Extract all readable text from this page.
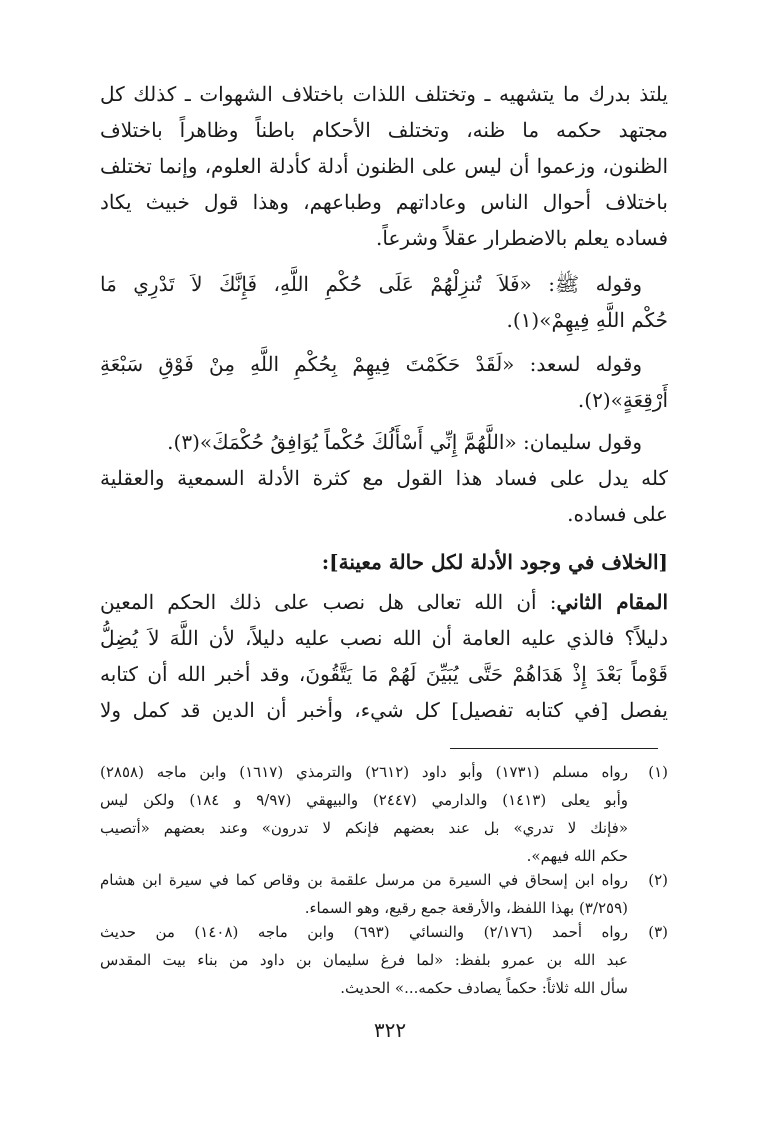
يلتذ بدرك ما يتشهيه ـ وتختلف اللذات باختلاف الشهوات ـ كذلك كل
مجتهد حكمه ما ظنه، وتختلف الأحكام باطناً وظاهراً باختلاف
الظنون، وزعموا أن ليس على الظنون أدلة كأدلة العلوم، وإنما تختلف
باختلاف أحوال الناس وعاداتهم وطباعهم، وهذا قول خبيث يكاد
فساده يعلم بالاضطرار عقلاً وشرعاً.
وقوله ﷺ: «فَلاَ تُنزِلْهُمْ عَلَى حُكْمِ اللَّهِ، فَإِنَّكَ لاَ تَدْرِي مَا
حُكْم اللَّهِ فِيهِمْ»(١).
وقوله لسعد: «لَقَدْ حَكَمْتَ فِيهِمْ بِحُكْمِ اللَّهِ مِنْ فَوْقِ سَبْعَةِ
أَرْقِعَةٍ»(٢).
وقول سليمان: «اللَّهُمَّ إِنِّي أَسْأَلُكَ حُكْماً يُوَافِقُ حُكْمَكَ»(٣).
كله يدل على فساد هذا القول مع كثرة الأدلة السمعية والعقلية
على فساده.
[الخلاف في وجود الأدلة لكل حالة معينة]:
المقام الثاني: أن الله تعالى هل نصب على ذلك الحكم المعين
دليلاً؟ فالذي عليه العامة أن الله نصب عليه دليلاً، لأن اللَّهَ لاَ يُضِلُّ
قَوْماً بَعْدَ إِذْ هَدَاهُمْ حَتَّى يُبَيِّنَ لَهُمْ مَا يَتَّقُونَ، وقد أخبر الله أن كتابه
يفصل [في كتابه تفصيل] كل شيء، وأخبر أن الدين قد كمل ولا
(١)
رواه مسلم (١٧٣١) وأبو داود (٢٦١٢) والترمذي (١٦١٧) وابن ماجه (٢٨٥٨)
وأبو يعلى (١٤١٣) والدارمي (٢٤٤٧) والبيهقي (٩/٩٧ و ١٨٤) ولكن ليس
«فإنك لا تدري» بل عند بعضهم فإنكم لا تدرون» وعند بعضهم «أتصيب
حكم الله فيهم».
(٢)
رواه ابن إسحاق في السيرة من مرسل علقمة بن وقاص كما في سيرة ابن هشام
(٣/٢٥٩) بهذا اللفظ، والأرقعة جمع رقيع، وهو السماء.
(٣)
رواه أحمد (٢/١٧٦) والنسائي (٦٩٣) وابن ماجه (١٤٠٨) من حديث
عبد الله بن عمرو بلفظ: «لما فرغ سليمان بن داود من بناء بيت المقدس
سأل الله ثلاثاً: حكماً يصادف حكمه...» الحديث.
٣٢٢
